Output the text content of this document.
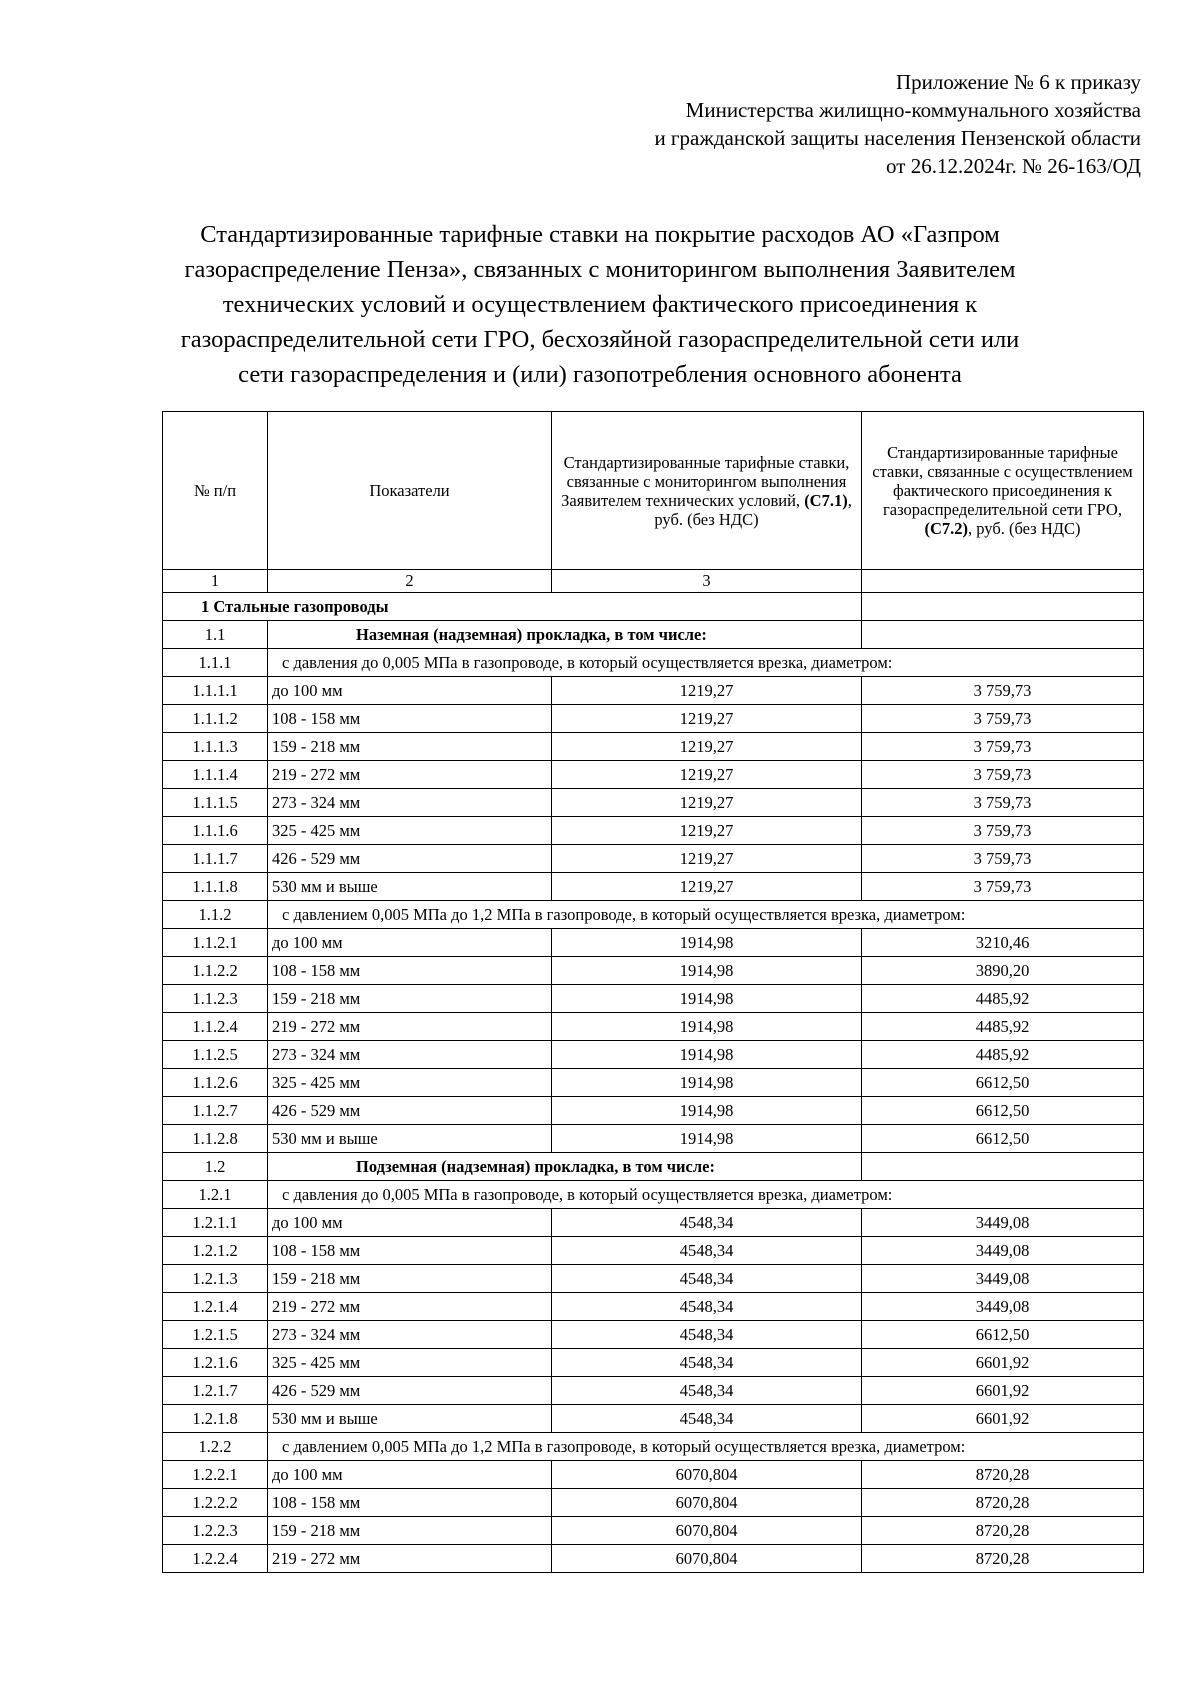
Приложение № 6 к приказу
Министерства жилищно-коммунального хозяйства
и гражданской защиты населения Пензенской области
от 26.12.2024г. № 26-163/ОД
Стандартизированные тарифные ставки на покрытие расходов АО «Газпром
газораспределение Пенза», связанных с мониторингом выполнения Заявителем
технических условий и осуществлением фактического присоединения к
газораспределительной сети ГРО, бесхозяйной газораспределительной сети или
сети газораспределения и (или) газопотребления основного абонента
№ п/п	Показатели	Стандартизированные тарифные ставки, связанные с мониторингом выполнения Заявителем технических условий, (С7.1), руб. (без НДС)	Стандартизированные тарифные ставки, связанные с осуществлением фактического присоединения к газораспределительной сети ГРО, (С7.2), руб. (без НДС)
1	2	3	
1 Стальные газопроводы			
1.1	Наземная (надземная) прокладка, в том числе:		
1.1.1	с давления до 0,005 МПа в газопроводе, в который осуществляется врезка, диаметром:		
1.1.1.1	до 100 мм	1219,27	3 759,73
1.1.1.2	108 - 158 мм	1219,27	3 759,73
1.1.1.3	159 - 218 мм	1219,27	3 759,73
1.1.1.4	219 - 272 мм	1219,27	3 759,73
1.1.1.5	273 - 324 мм	1219,27	3 759,73
1.1.1.6	325 - 425 мм	1219,27	3 759,73
1.1.1.7	426 - 529 мм	1219,27	3 759,73
1.1.1.8	530 мм и выше	1219,27	3 759,73
1.1.2	с давлением 0,005 МПа до 1,2 МПа в газопроводе, в который осуществляется врезка, диаметром:		
1.1.2.1	до 100 мм	1914,98	3210,46
1.1.2.2	108 - 158 мм	1914,98	3890,20
1.1.2.3	159 - 218 мм	1914,98	4485,92
1.1.2.4	219 - 272 мм	1914,98	4485,92
1.1.2.5	273 - 324 мм	1914,98	4485,92
1.1.2.6	325 - 425 мм	1914,98	6612,50
1.1.2.7	426 - 529 мм	1914,98	6612,50
1.1.2.8	530 мм и выше	1914,98	6612,50
1.2	Подземная (надземная) прокладка, в том числе:		
1.2.1	с давления до 0,005 МПа в газопроводе, в который осуществляется врезка, диаметром:		
1.2.1.1	до 100 мм	4548,34	3449,08
1.2.1.2	108 - 158 мм	4548,34	3449,08
1.2.1.3	159 - 218 мм	4548,34	3449,08
1.2.1.4	219 - 272 мм	4548,34	3449,08
1.2.1.5	273 - 324 мм	4548,34	6612,50
1.2.1.6	325 - 425 мм	4548,34	6601,92
1.2.1.7	426 - 529 мм	4548,34	6601,92
1.2.1.8	530 мм и выше	4548,34	6601,92
1.2.2	с давлением 0,005 МПа до 1,2 МПа в газопроводе, в который осуществляется врезка, диаметром:		
1.2.2.1	до 100 мм	6070,804	8720,28
1.2.2.2	108 - 158 мм	6070,804	8720,28
1.2.2.3	159 - 218 мм	6070,804	8720,28
1.2.2.4	219 - 272 мм	6070,804	8720,28
